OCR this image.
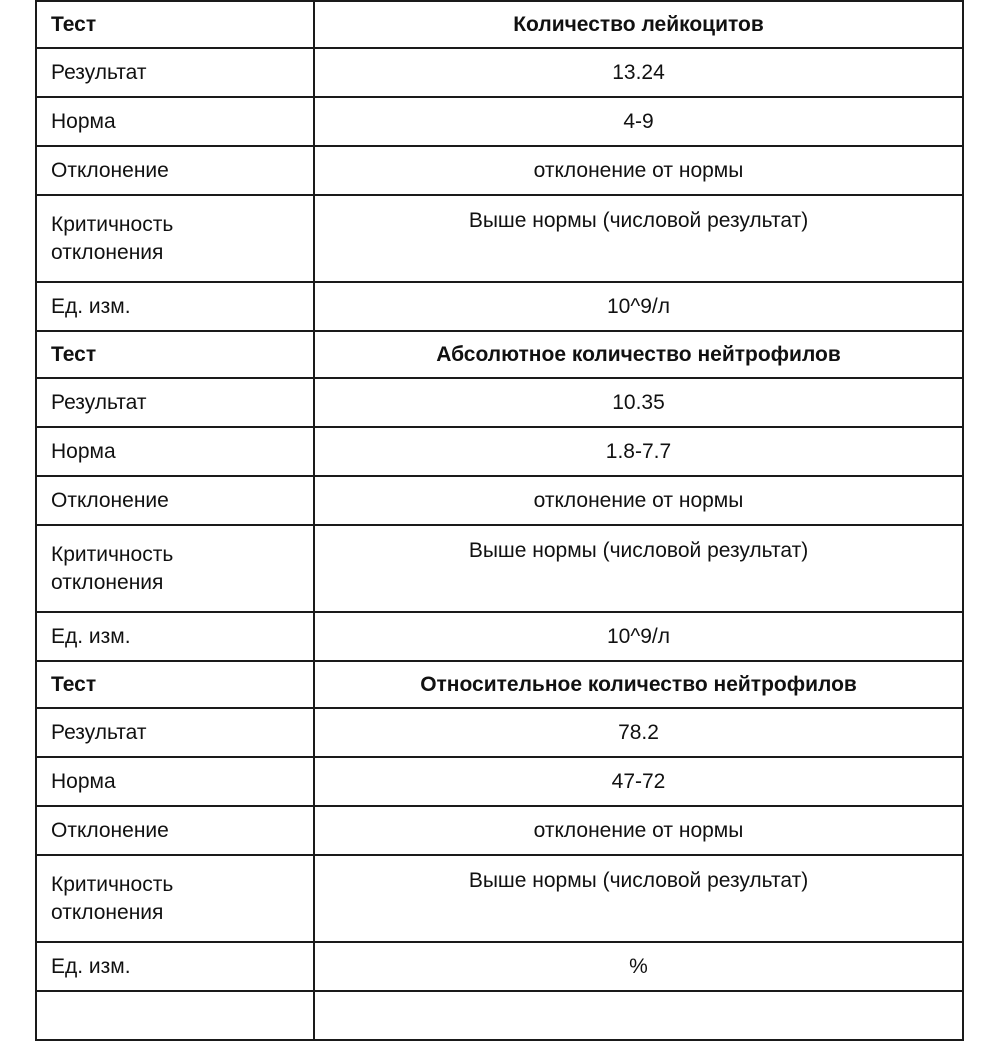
Тест	Количество лейкоцитов
Результат	13.24
Норма	4-9
Отклонение	отклонение от нормы

Критичность
отклонения	Выше нормы (числовой результат)
Ед. изм.	10^9/л
Тест	Абсолютное количество нейтрофилов
Результат	10.35
Норма	1.8-7.7
Отклонение	отклонение от нормы

Критичность
отклонения	Выше нормы (числовой результат)
Ед. изм.	10^9/л
Тест	Относительное количество нейтрофилов
Результат	78.2
Норма	47-72
Отклонение	отклонение от нормы

Критичность
отклонения	Выше нормы (числовой результат)
Ед. изм.	%
